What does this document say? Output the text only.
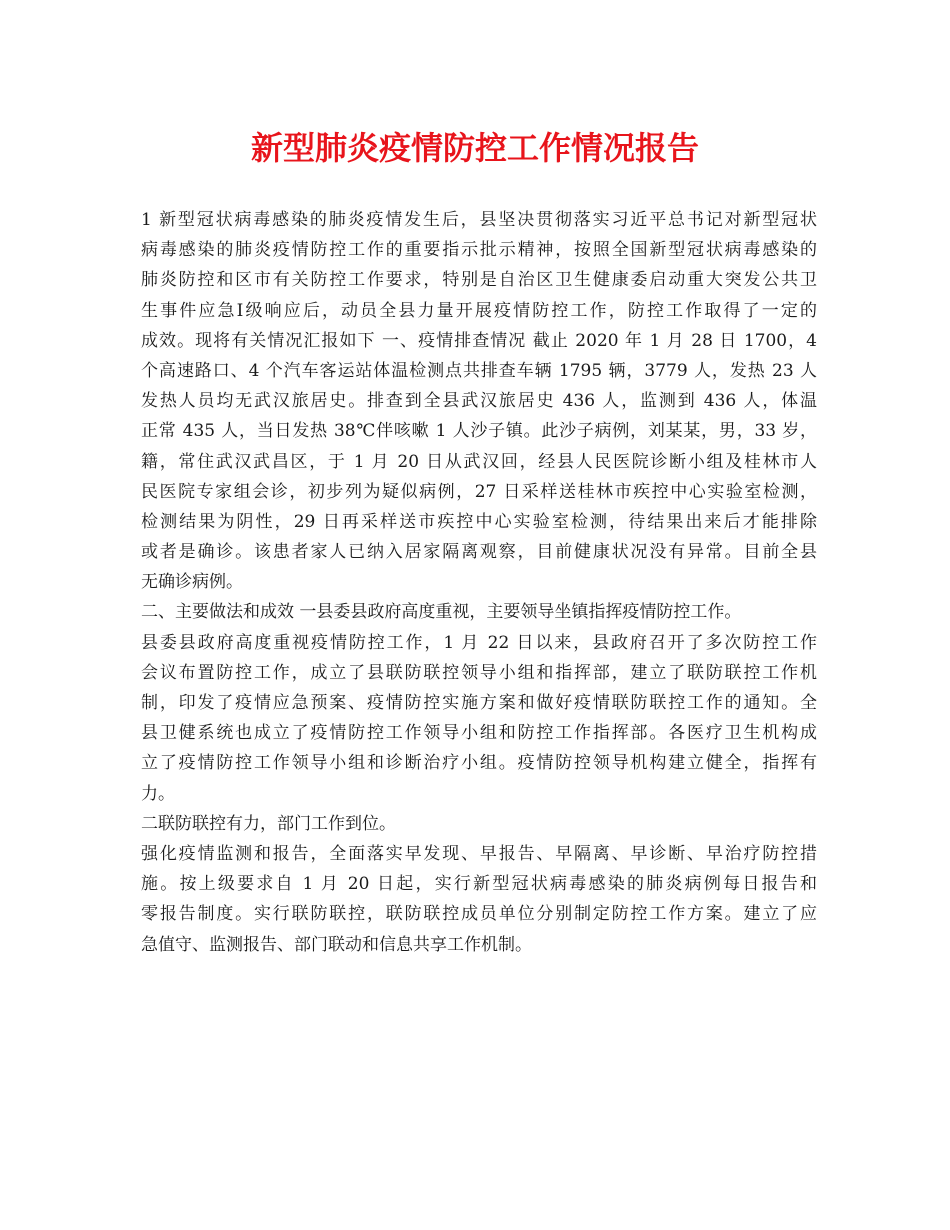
新型肺炎疫情防控工作情况报告
1 新型冠状病毒感染的肺炎疫情发生后，县坚决贯彻落实习近平总书记对新型冠状
病毒感染的肺炎疫情防控工作的重要指示批示精神，按照全国新型冠状病毒感染的
肺炎防控和区市有关防控工作要求，特别是自治区卫生健康委启动重大突发公共卫
生事件应急Ⅰ级响应后，动员全县力量开展疫情防控工作，防控工作取得了一定的
成效。现将有关情况汇报如下 一、疫情排查情况 截止 2020 年 1 月 28 日 1700，4
个高速路口、4 个汽车客运站体温检测点共排查车辆 1795 辆，3779 人，发热 23 人
发热人员均无武汉旅居史。排查到全县武汉旅居史 436 人，监测到 436 人，体温
正常 435 人，当日发热 38℃伴咳嗽 1 人沙子镇。此沙子病例，刘某某，男，33 岁，
籍，常住武汉武昌区，于 1 月 20 日从武汉回，经县人民医院诊断小组及桂林市人
民医院专家组会诊，初步列为疑似病例，27 日采样送桂林市疾控中心实验室检测，
检测结果为阴性，29 日再采样送市疾控中心实验室检测，待结果出来后才能排除
或者是确诊。该患者家人已纳入居家隔离观察，目前健康状况没有异常。目前全县
无确诊病例。
二、主要做法和成效 一县委县政府高度重视，主要领导坐镇指挥疫情防控工作。
县委县政府高度重视疫情防控工作，1 月 22 日以来，县政府召开了多次防控工作
会议布置防控工作，成立了县联防联控领导小组和指挥部，建立了联防联控工作机
制，印发了疫情应急预案、疫情防控实施方案和做好疫情联防联控工作的通知。全
县卫健系统也成立了疫情防控工作领导小组和防控工作指挥部。各医疗卫生机构成
立了疫情防控工作领导小组和诊断治疗小组。疫情防控领导机构建立健全，指挥有
力。
二联防联控有力，部门工作到位。
强化疫情监测和报告，全面落实早发现、早报告、早隔离、早诊断、早治疗防控措
施。按上级要求自 1 月 20 日起，实行新型冠状病毒感染的肺炎病例每日报告和
零报告制度。实行联防联控，联防联控成员单位分别制定防控工作方案。建立了应
急值守、监测报告、部门联动和信息共享工作机制。
